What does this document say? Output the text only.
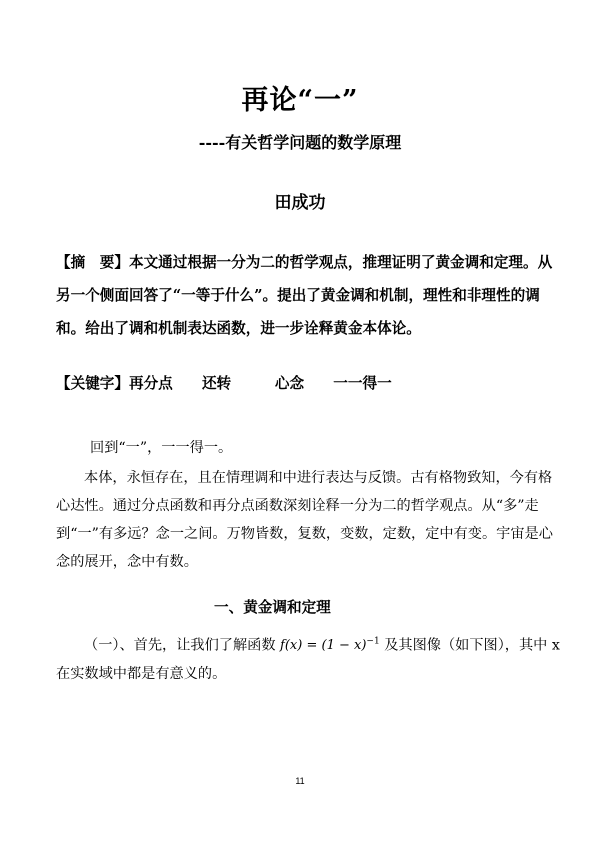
再论“一”
----有关哲学问题的数学原理
田成功
【摘　要】本文通过根据一分为二的哲学观点，推理证明了黄金调和定理。从另一个侧面回答了“一等于什么”。提出了黄金调和机制，理性和非理性的调和。给出了调和机制表达函数，进一步诠释黄金本体论。
【关键字】再分点　　还转　　　心念　　一一得一
回到“一”，一一得一。
本体，永恒存在，且在情理调和中进行表达与反馈。古有格物致知，今有格心达性。通过分点函数和再分点函数深刻诠释一分为二的哲学观点。从“多”走到“一”有多远？念一之间。万物皆数，复数，变数，定数，定中有变。宇宙是心念的展开，念中有数。
一、黄金调和定理
（一）、首先，让我们了解函数 $f(x) = (1 - x)^{-1}$ 及其图像（如下图），其中 x 在实数域中都是有意义的。
11
